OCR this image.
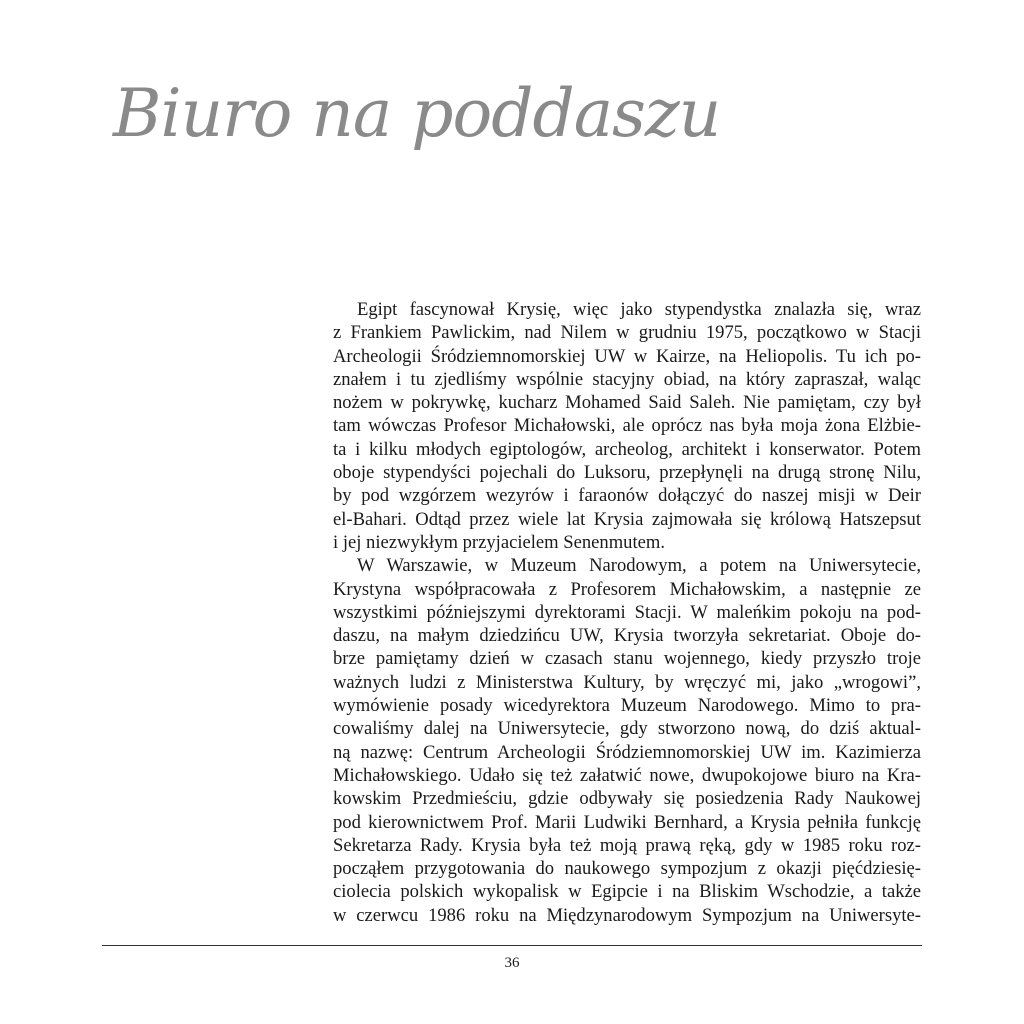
Biuro na poddaszu
Egipt fascynował Krysię, więc jako stypendystka znalazła się, wraz
z Frankiem Pawlickim, nad Nilem w grudniu 1975, początkowo w Stacji
Archeologii Śródziemnomorskiej UW w Kairze, na Heliopolis. Tu ich po-
znałem i tu zjedliśmy wspólnie stacyjny obiad, na który zapraszał, waląc
nożem w pokrywkę, kucharz Mohamed Said Saleh. Nie pamiętam, czy był
tam wówczas Profesor Michałowski, ale oprócz nas była moja żona Elżbie-
ta i kilku młodych egiptologów, archeolog, architekt i konserwator. Potem
oboje stypendyści pojechali do Luksoru, przepłynęli na drugą stronę Nilu,
by pod wzgórzem wezyrów i faraonów dołączyć do naszej misji w Deir
el-Bahari. Odtąd przez wiele lat Krysia zajmowała się królową Hatszepsut
i jej niezwykłym przyjacielem Senenmutem.
W Warszawie, w Muzeum Narodowym, a potem na Uniwersytecie,
Krystyna współpracowała z Profesorem Michałowskim, a następnie ze
wszystkimi późniejszymi dyrektorami Stacji. W maleńkim pokoju na pod-
daszu, na małym dziedzińcu UW, Krysia tworzyła sekretariat. Oboje do-
brze pamiętamy dzień w czasach stanu wojennego, kiedy przyszło troje
ważnych ludzi z Ministerstwa Kultury, by wręczyć mi, jako „wrogowi”,
wymówienie posady wicedyrektora Muzeum Narodowego. Mimo to pra-
cowaliśmy dalej na Uniwersytecie, gdy stworzono nową, do dziś aktual-
ną nazwę: Centrum Archeologii Śródziemnomorskiej UW im. Kazimierza
Michałowskiego. Udało się też załatwić nowe, dwupokojowe biuro na Kra-
kowskim Przedmieściu, gdzie odbywały się posiedzenia Rady Naukowej
pod kierownictwem Prof. Marii Ludwiki Bernhard, a Krysia pełniła funkcję
Sekretarza Rady. Krysia była też moją prawą ręką, gdy w 1985 roku roz-
począłem przygotowania do naukowego sympozjum z okazji pięćdziesię-
ciolecia polskich wykopalisk w Egipcie i na Bliskim Wschodzie, a także
w czerwcu 1986 roku na Międzynarodowym Sympozjum na Uniwersyte-
36
